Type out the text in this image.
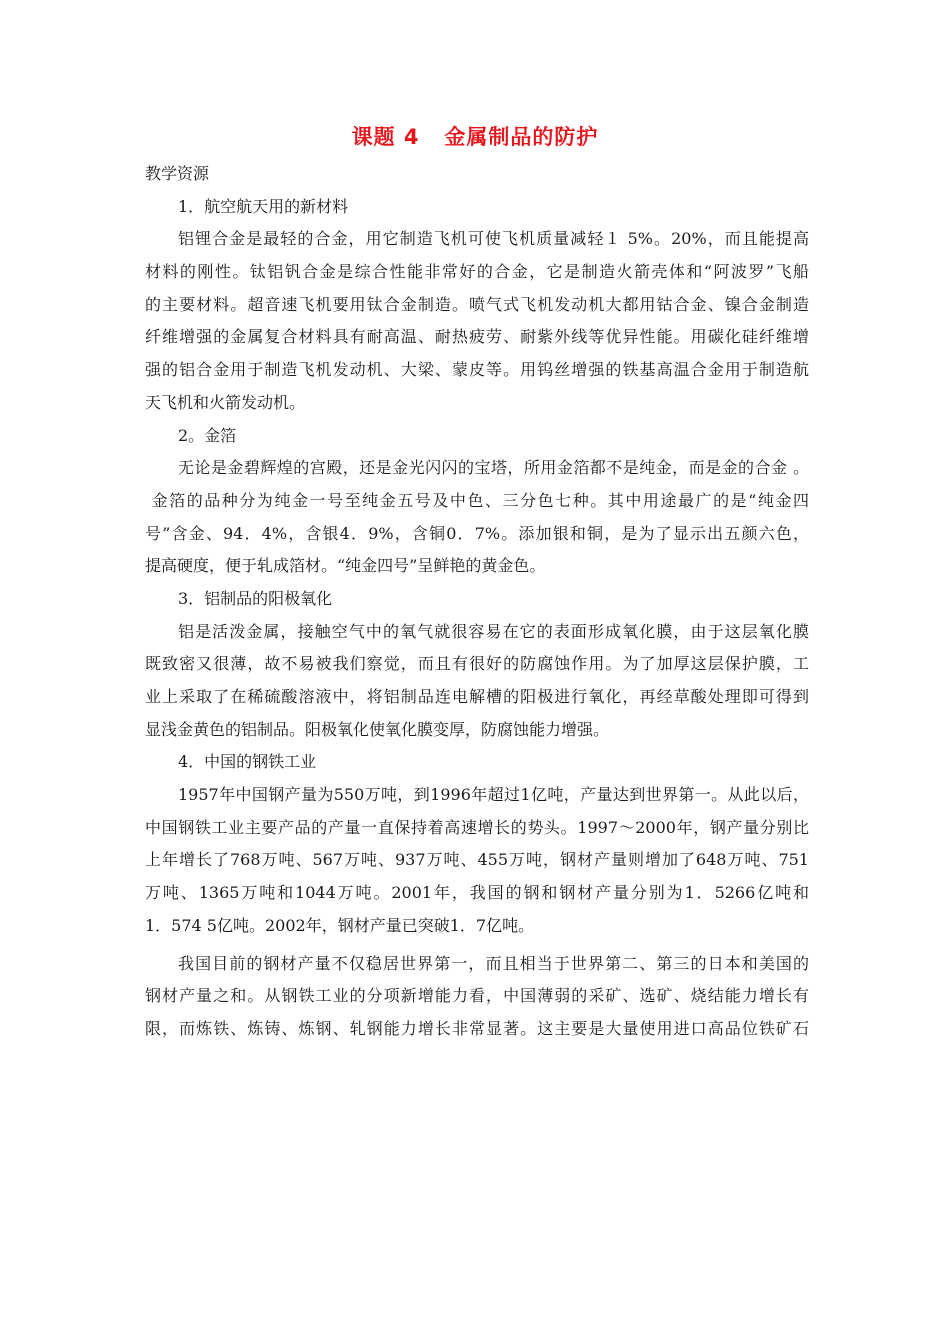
课题 4   金属制品的防护
教学资源
1．航空航天用的新材料
铝锂合金是最轻的合金，用它制造飞机可使飞机质量减轻１ 5%。20%，而且能提高
材料的刚性。钛铝钒合金是综合性能非常好的合金，它是制造火箭壳体和“阿波罗”飞船
的主要材料。超音速飞机要用钛合金制造。喷气式飞机发动机大都用钴合金、镍合金制造
纤维增强的金属复合材料具有耐高温、耐热疲劳、耐紫外线等优异性能。用碳化硅纤维增
强的铝合金用于制造飞机发动机、大梁、蒙皮等。用钨丝增强的铁基高温合金用于制造航
天飞机和火箭发动机。
2。金箔
无论是金碧辉煌的宫殿，还是金光闪闪的宝塔，所用金箔都不是纯金，而是金的合金 。
金箔的品种分为纯金一号至纯金五号及中色、三分色七种。其中用途最广的是“纯金四
号”含金、94．4%，含银4．9%，含铜0．7%。添加银和铜，是为了显示出五颜六色，
提高硬度，便于轧成箔材。“纯金四号”呈鲜艳的黄金色。
3．铝制品的阳极氧化
铝是活泼金属，接触空气中的氧气就很容易在它的表面形成氧化膜，由于这层氧化膜
既致密又很薄，故不易被我们察觉，而且有很好的防腐蚀作用。为了加厚这层保护膜，工
业上采取了在稀硫酸溶液中，将铝制品连电解槽的阳极进行氧化，再经草酸处理即可得到
显浅金黄色的铝制品。阳极氧化使氧化膜变厚，防腐蚀能力增强。
4．中国的钢铁工业
1957年中国钢产量为550万吨，到1996年超过1亿吨，产量达到世界第一。从此以后，
中国钢铁工业主要产品的产量一直保持着高速增长的势头。1997～2000年，钢产量分别比
上年增长了768万吨、567万吨、937万吨、455万吨，钢材产量则增加了648万吨、751
万吨、1365万吨和1044万吨。2001年，我国的钢和钢材产量分别为1．5266亿吨和
1．574 5亿吨。2002年，钢材产量已突破1．7亿吨。
我国目前的钢材产量不仅稳居世界第一，而且相当于世界第二、第三的日本和美国的
钢材产量之和。从钢铁工业的分项新增能力看，中国薄弱的采矿、选矿、烧结能力增长有
限，而炼铁、炼铸、炼钢、轧钢能力增长非常显著。这主要是大量使用进口高品位铁矿石
